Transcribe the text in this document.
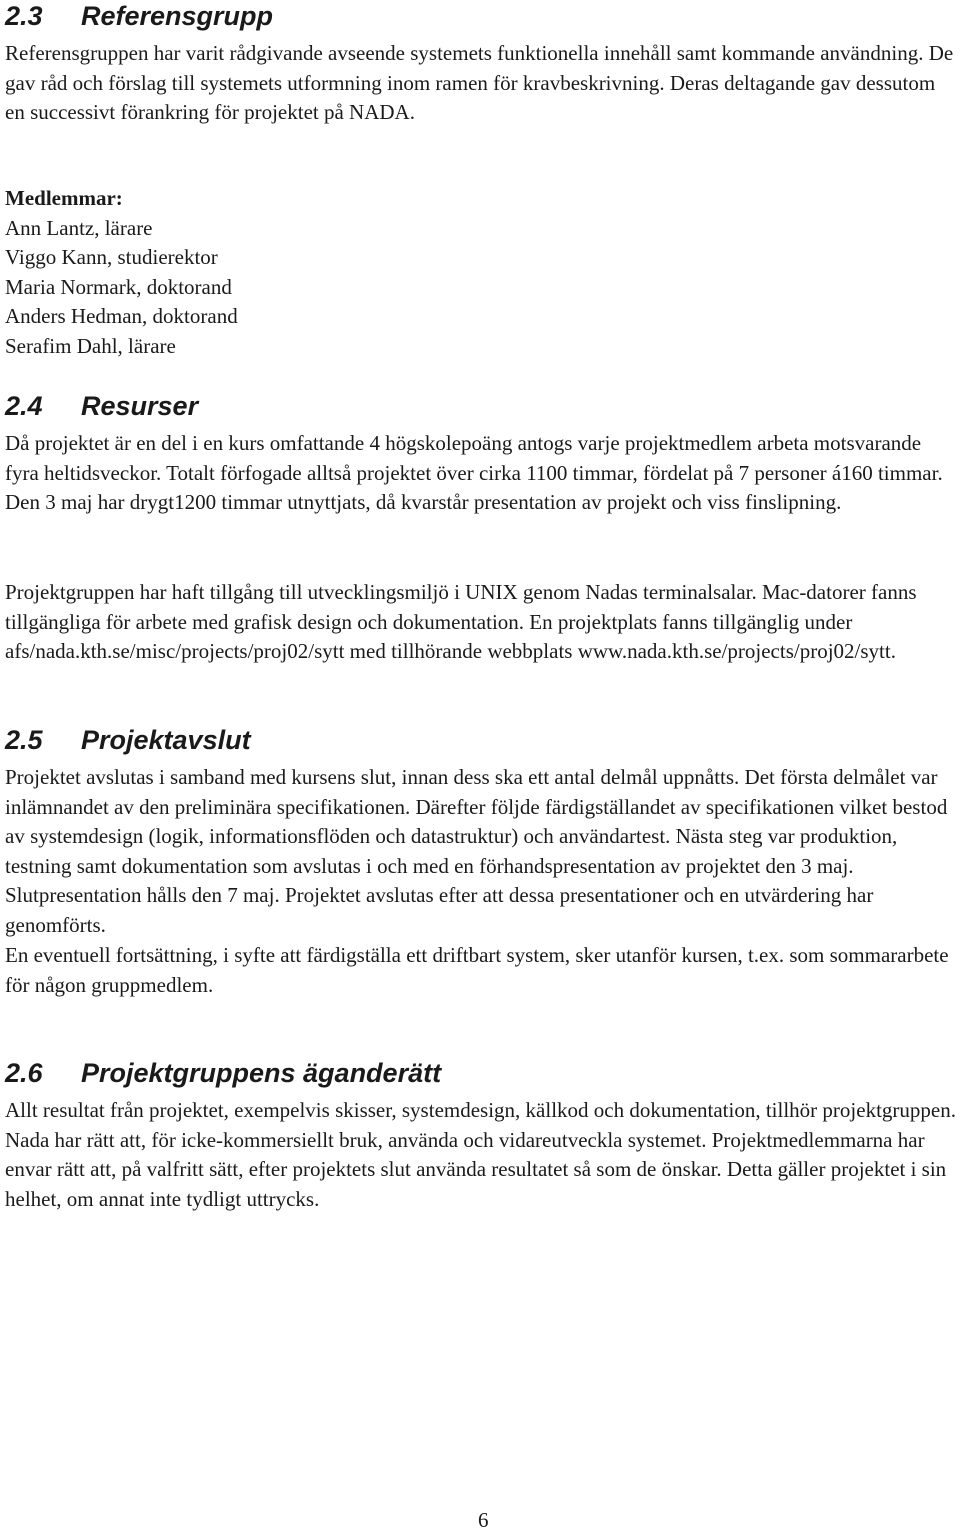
2.3 Referensgrupp

Referensgruppen har varit rådgivande avseende systemets funktionella innehåll samt kommande användning. De gav råd och förslag till systemets utformning inom ramen för kravbeskrivning. Deras deltagande gav dessutom en successivt förankring för projektet på NADA.

Medlemmar:
Ann Lantz, lärare
Viggo Kann, studierektor
Maria Normark, doktorand
Anders Hedman, doktorand
Serafim Dahl, lärare
2.4 Resurser

Då projektet är en del i en kurs omfattande 4 högskolepoäng antogs varje projektmedlem arbeta motsvarande fyra heltidsveckor. Totalt förfogade alltså projektet över cirka 1100 timmar, fördelat på 7 personer á160 timmar. Den 3 maj har drygt1200 timmar utnyttjats, då kvarstår presentation av projekt och viss finslipning.

Projektgruppen har haft tillgång till utvecklingsmiljö i UNIX genom Nadas terminalsalar. Mac-datorer fanns tillgängliga för arbete med grafisk design och dokumentation. En projektplats fanns tillgänglig under afs/nada.kth.se/misc/projects/proj02/sytt med tillhörande webbplats www.nada.kth.se/projects/proj02/sytt.

2.5 Projektavslut

Projektet avslutas i samband med kursens slut, innan dess ska ett antal delmål uppnåtts. Det första delmålet var inlämnandet av den preliminära specifikationen. Därefter följde färdigställandet av specifikationen vilket bestod av systemdesign (logik, informationsflöden och datastruktur) och användartest. Nästa steg var produktion, testning samt dokumentation som avslutas i och med en förhandspresentation av projektet den 3 maj. Slutpresentation hålls den 7 maj. Projektet avslutas efter att dessa presentationer och en utvärdering har genomförts.

En eventuell fortsättning, i syfte att färdigställa ett driftbart system, sker utanför kursen, t.ex. som sommararbete för någon gruppmedlem.

2.6 Projektgruppens äganderätt

Allt resultat från projektet, exempelvis skisser, systemdesign, källkod och dokumentation, tillhör projektgruppen. Nada har rätt att, för icke-kommersiellt bruk, använda och vidareutveckla systemet. Projektmedlemmarna har envar rätt att, på valfritt sätt, efter projektets slut använda resultatet så som de önskar. Detta gäller projektet i sin helhet, om annat inte tydligt uttrycks.

6
